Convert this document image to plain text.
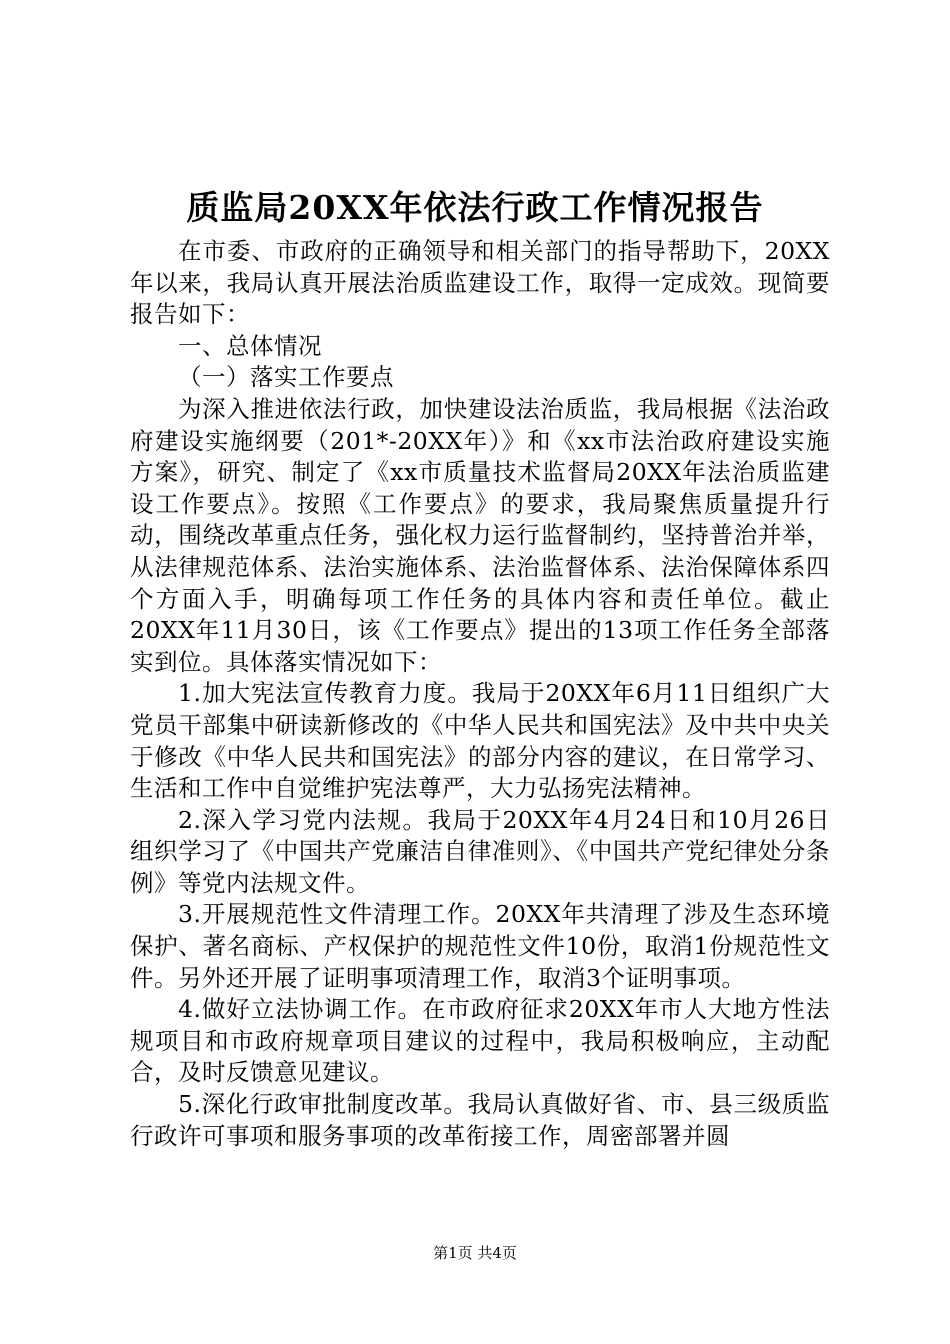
质监局20XX年依法行政工作情况报告

在市委、市政府的正确领导和相关部门的指导帮助下，20XX年以来，我局认真开展法治质监建设工作，取得一定成效。现简要报告如下：

一、总体情况

（一）落实工作要点

为深入推进依法行政，加快建设法治质监，我局根据《法治政府建设实施纲要（201*-20XX年）》和《xx市法治政府建设实施方案》，研究、制定了《xx市质量技术监督局20XX年法治质监建设工作要点》。按照《工作要点》的要求，我局聚焦质量提升行动，围绕改革重点任务，强化权力运行监督制约，坚持普治并举，从法律规范体系、法治实施体系、法治监督体系、法治保障体系四个方面入手，明确每项工作任务的具体内容和责任单位。截止20XX年11月30日，该《工作要点》提出的13项工作任务全部落实到位。具体落实情况如下：

1.加大宪法宣传教育力度。我局于20XX年6月11日组织广大党员干部集中研读新修改的《中华人民共和国宪法》及中共中央关于修改《中华人民共和国宪法》的部分内容的建议，在日常学习、生活和工作中自觉维护宪法尊严，大力弘扬宪法精神。

2.深入学习党内法规。我局于20XX年4月24日和10月26日组织学习了《中国共产党廉洁自律准则》、《中国共产党纪律处分条例》等党内法规文件。

3.开展规范性文件清理工作。20XX年共清理了涉及生态环境保护、著名商标、产权保护的规范性文件10份，取消1份规范性文件。另外还开展了证明事项清理工作，取消3个证明事项。

4.做好立法协调工作。在市政府征求20XX年市人大地方性法规项目和市政府规章项目建议的过程中，我局积极响应，主动配合，及时反馈意见建议。

5.深化行政审批制度改革。我局认真做好省、市、县三级质监行政许可事项和服务事项的改革衔接工作，周密部署并圆

第1页 共4页
